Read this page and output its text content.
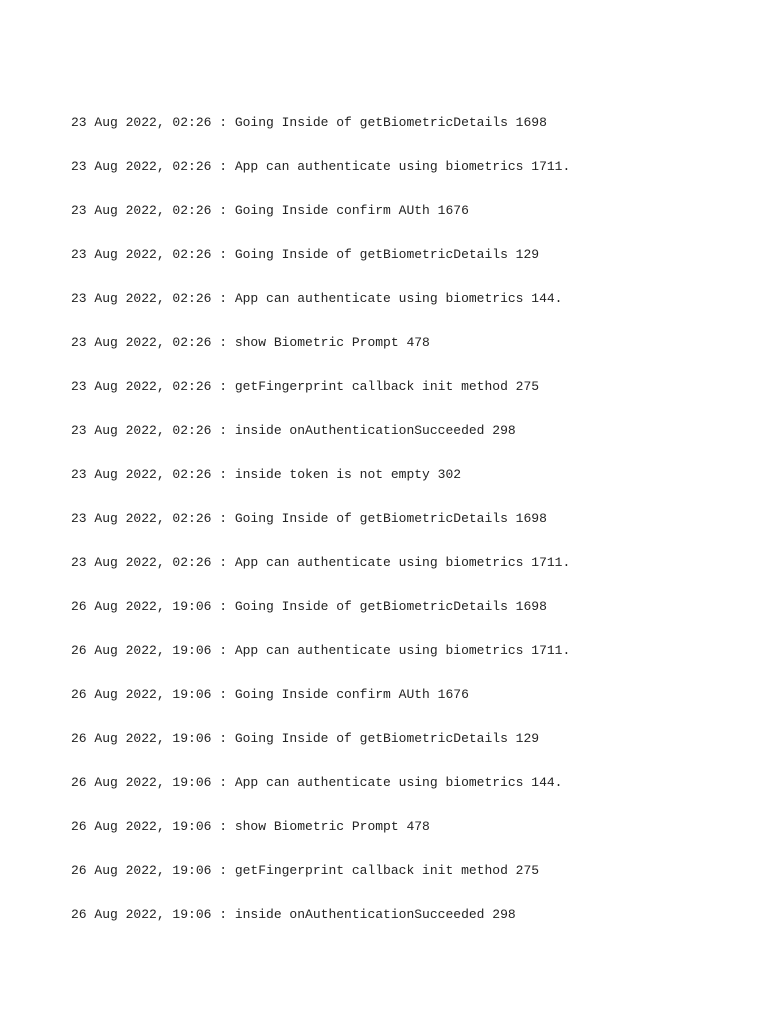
23 Aug 2022, 02:26 : Going Inside of getBiometricDetails 1698
23 Aug 2022, 02:26 : App can authenticate using biometrics 1711.
23 Aug 2022, 02:26 : Going Inside confirm AUth 1676
23 Aug 2022, 02:26 : Going Inside of getBiometricDetails 129
23 Aug 2022, 02:26 : App can authenticate using biometrics 144.
23 Aug 2022, 02:26 : show Biometric Prompt 478
23 Aug 2022, 02:26 : getFingerprint callback init method 275
23 Aug 2022, 02:26 : inside onAuthenticationSucceeded 298
23 Aug 2022, 02:26 : inside token is not empty 302
23 Aug 2022, 02:26 : Going Inside of getBiometricDetails 1698
23 Aug 2022, 02:26 : App can authenticate using biometrics 1711.
26 Aug 2022, 19:06 : Going Inside of getBiometricDetails 1698
26 Aug 2022, 19:06 : App can authenticate using biometrics 1711.
26 Aug 2022, 19:06 : Going Inside confirm AUth 1676
26 Aug 2022, 19:06 : Going Inside of getBiometricDetails 129
26 Aug 2022, 19:06 : App can authenticate using biometrics 144.
26 Aug 2022, 19:06 : show Biometric Prompt 478
26 Aug 2022, 19:06 : getFingerprint callback init method 275
26 Aug 2022, 19:06 : inside onAuthenticationSucceeded 298
